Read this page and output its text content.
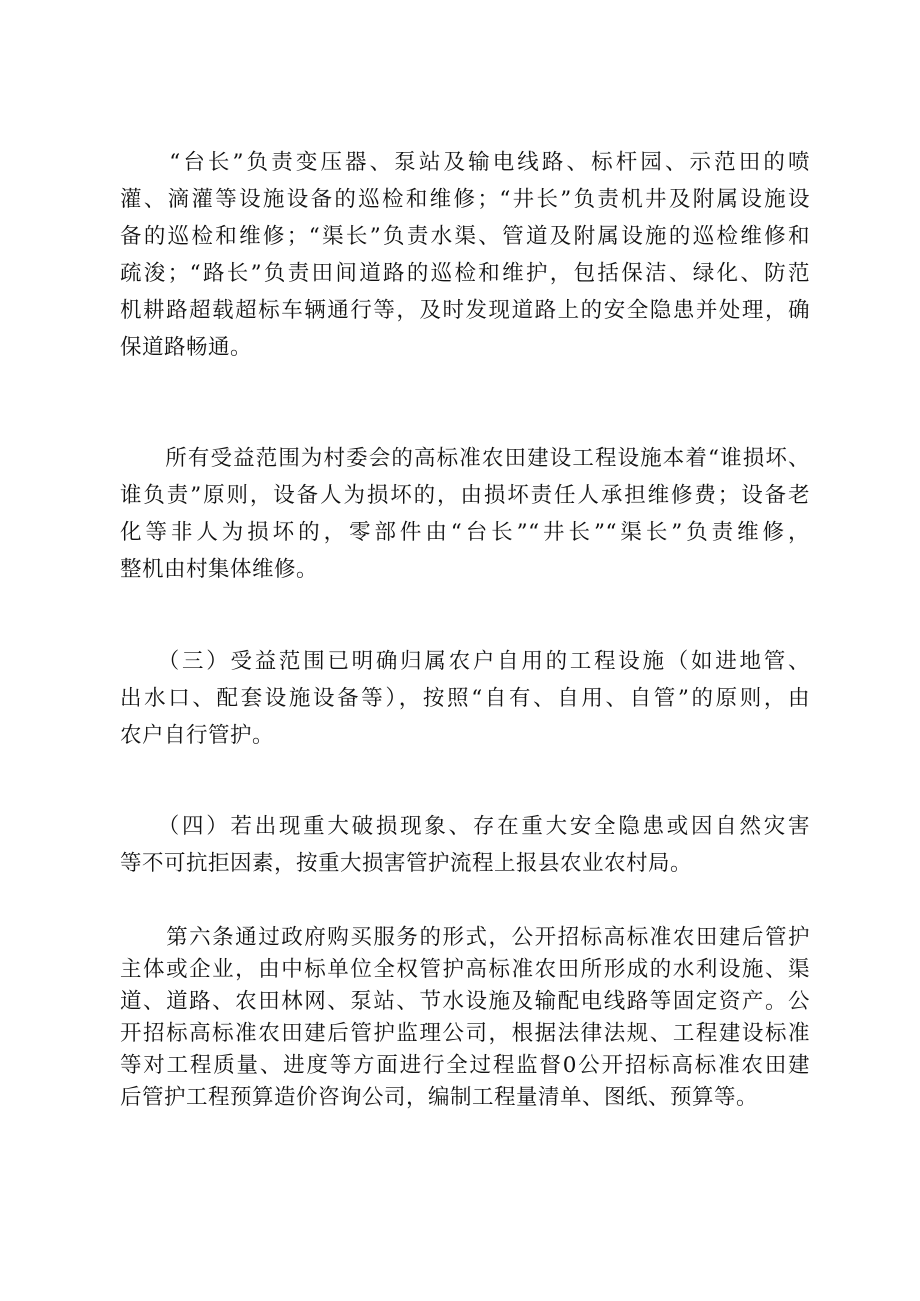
　　“台长”负责变压器、泵站及输电线路、标杆园、示范田的喷
灌、滴灌等设施设备的巡检和维修；“井长”负责机井及附属设施设
备的巡检和维修；“渠长”负责水渠、管道及附属设施的巡检维修和
疏浚；“路长”负责田间道路的巡检和维护，包括保洁、绿化、防范
机耕路超载超标车辆通行等，及时发现道路上的安全隐患并处理，确
保道路畅通。
　　所有受益范围为村委会的高标准农田建设工程设施本着“谁损坏、
谁负责”原则，设备人为损坏的，由损坏责任人承担维修费；设备老
化等非人为损坏的，零部件由“台长”“井长”“渠长”负责维修，
整机由村集体维修。
　　（三）受益范围已明确归属农户自用的工程设施（如进地管、
出水口、配套设施设备等），按照“自有、自用、自管”的原则，由
农户自行管护。
　　（四）若出现重大破损现象、存在重大安全隐患或因自然灾害
等不可抗拒因素，按重大损害管护流程上报县农业农村局。
　　第六条通过政府购买服务的形式，公开招标高标准农田建后管护
主体或企业，由中标单位全权管护高标准农田所形成的水利设施、渠
道、道路、农田林网、泵站、节水设施及输配电线路等固定资产。公
开招标高标准农田建后管护监理公司，根据法律法规、工程建设标准
等对工程质量、进度等方面进行全过程监督0公开招标高标准农田建
后管护工程预算造价咨询公司，编制工程量清单、图纸、预算等。
